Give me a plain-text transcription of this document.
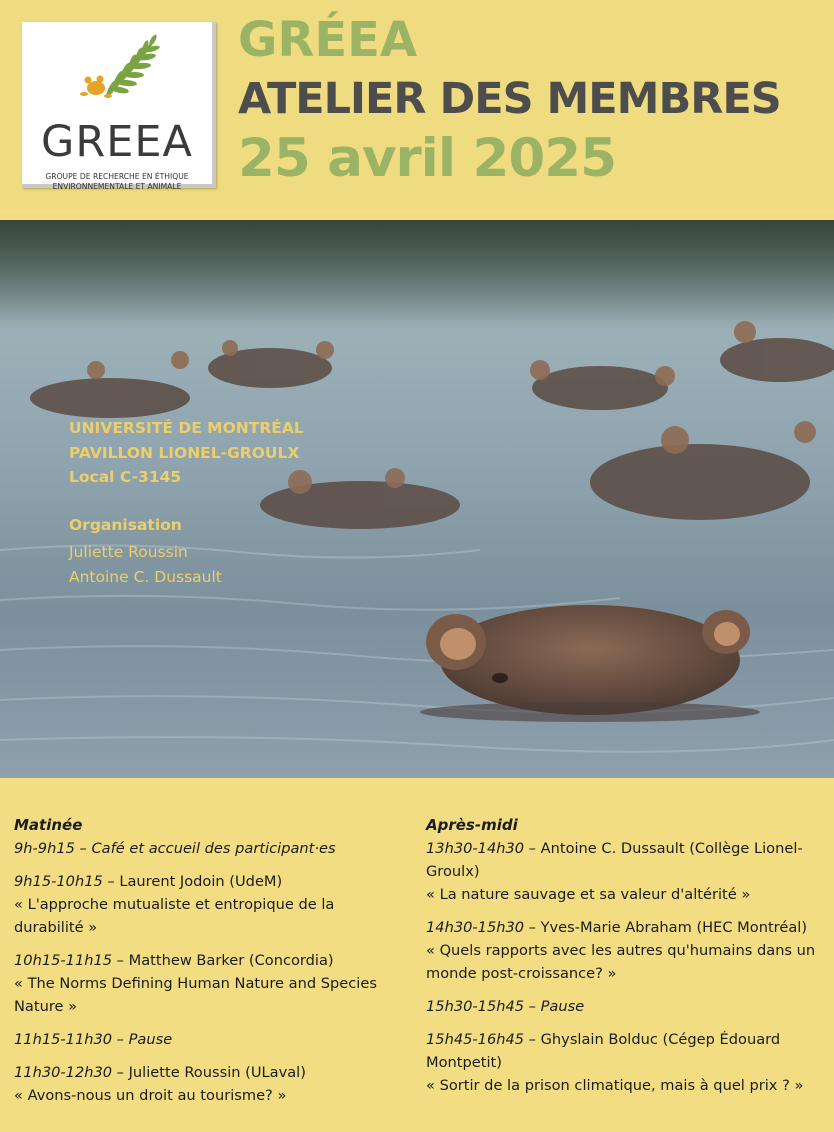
GREEA
GROUPE DE RECHERCHE EN ÉTHIQUE
ENVIRONNEMENTALE ET ANIMALE
GRÉEA
ATELIER DES MEMBRES
25 avril 2025
UNIVERSITÉ DE MONTRÉAL
PAVILLON LIONEL-GROULX
Local C-3145
Organisation
Juliette Roussin
Antoine C. Dussault
Matinée
9h-9h15 – Café et accueil des participant·es
9h15-10h15 – Laurent Jodoin (UdeM)
« L'approche mutualiste et entropique de la durabilité »
10h15-11h15 – Matthew Barker (Concordia)
« The Norms Defining Human Nature and Species Nature »
11h15-11h30 – Pause
11h30-12h30 – Juliette Roussin (ULaval)
« Avons-nous un droit au tourisme? »
Après-midi
13h30-14h30 – Antoine C. Dussault (Collège Lionel-Groulx)
« La nature sauvage et sa valeur d'altérité »
14h30-15h30 – Yves-Marie Abraham (HEC Montréal)
« Quels rapports avec les autres qu'humains dans un monde post-croissance? »
15h30-15h45 – Pause
15h45-16h45 – Ghyslain Bolduc (Cégep Édouard Montpetit)
« Sortir de la prison climatique, mais à quel prix ? »
